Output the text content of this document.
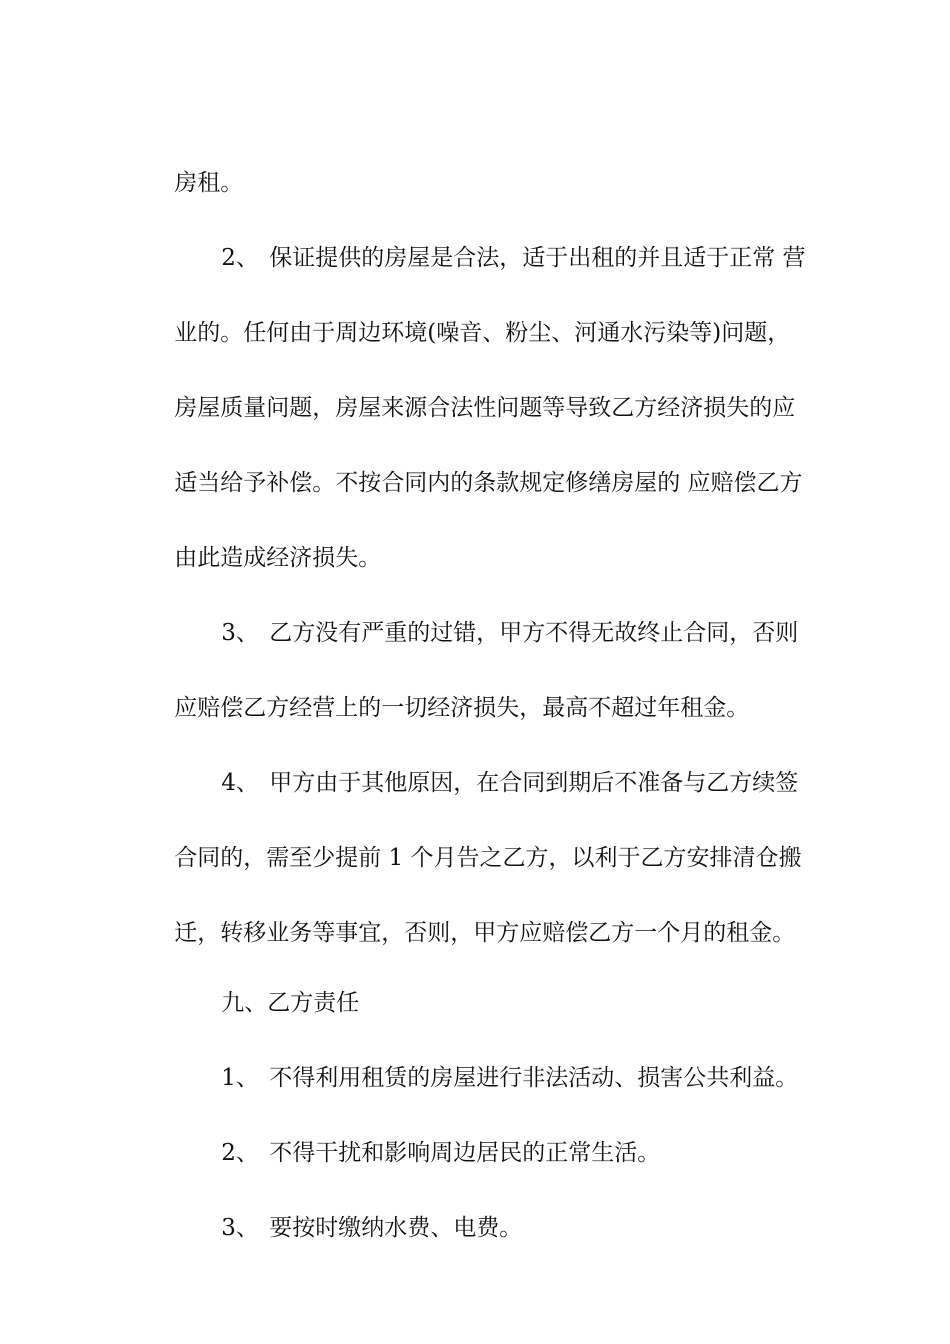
房租。

2、 保证提供的房屋是合法，适于出租的并且适于正常 营

业的。任何由于周边环境(噪音、粉尘、河通水污染等)问题，

房屋质量问题，房屋来源合法性问题等导致乙方经济损失的应

适当给予补偿。不按合同内的条款规定修缮房屋的 应赔偿乙方

由此造成经济损失。

3、 乙方没有严重的过错，甲方不得无故终止合同，否则

应赔偿乙方经营上的一切经济损失，最高不超过年租金。

4、 甲方由于其他原因，在合同到期后不准备与乙方续签

合同的，需至少提前 1 个月告之乙方，以利于乙方安排清仓搬

迁，转移业务等事宜，否则，甲方应赔偿乙方一个月的租金。

九、乙方责任

1、 不得利用租赁的房屋进行非法活动、损害公共利益。

2、 不得干扰和影响周边居民的正常生活。

3、 要按时缴纳水费、电费。
